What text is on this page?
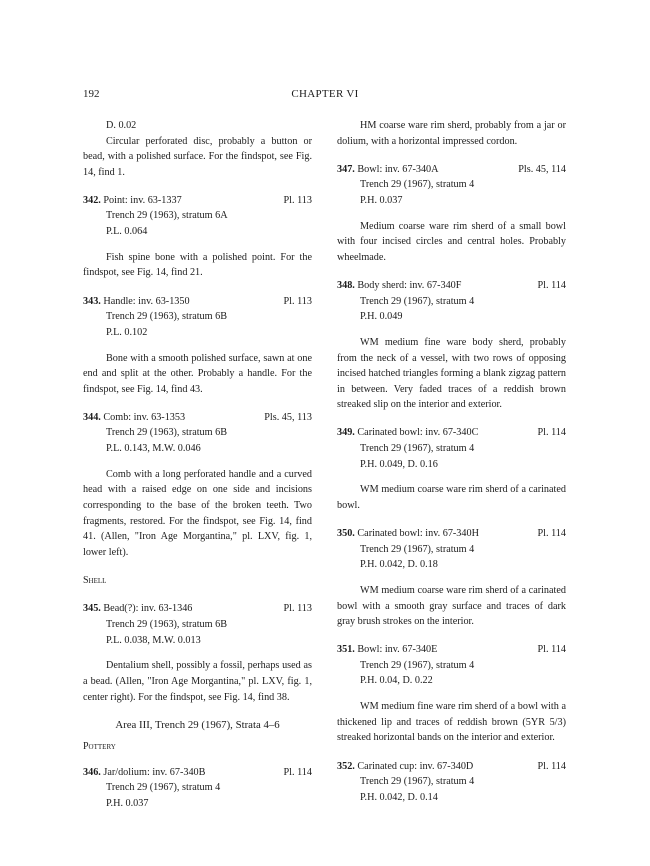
192	CHAPTER VI
D. 0.02

Circular perforated disc, probably a button or bead, with a polished surface. For the findspot, see Fig. 14, find 1.

342. Point: inv. 63-1337	Pl. 113
Trench 29 (1963), stratum 6A
P.L. 0.064

Fish spine bone with a polished point. For the findspot, see Fig. 14, find 21.

343. Handle: inv. 63-1350	Pl. 113
Trench 29 (1963), stratum 6B
P.L. 0.102

Bone with a smooth polished surface, sawn at one end and split at the other. Probably a handle. For the findspot, see Fig. 14, find 43.

344. Comb: inv. 63-1353	Pls. 45, 113
Trench 29 (1963), stratum 6B
P.L. 0.143, M.W. 0.046

Comb with a long perforated handle and a curved head with a raised edge on one side and incisions corresponding to the base of the broken teeth. Two fragments, restored. For the findspot, see Fig. 14, find 41. (Allen, "Iron Age Morgantina," pl. LXV, fig. 1, lower left).

Shell
345. Bead(?): inv. 63-1346	Pl. 113
Trench 29 (1963), stratum 6B
P.L. 0.038, M.W. 0.013

Dentalium shell, possibly a fossil, perhaps used as a bead. (Allen, "Iron Age Morgantina," pl. LXV, fig. 1, center right). For the findspot, see Fig. 14, find 38.

Area III, Trench 29 (1967), Strata 4–6
Pottery
346. Jar/dolium: inv. 67-340B	Pl. 114
Trench 29 (1967), stratum 4
P.H. 0.037

HM coarse ware rim sherd, probably from a jar or dolium, with a horizontal impressed cordon.

347. Bowl: inv. 67-340A	Pls. 45, 114
Trench 29 (1967), stratum 4
P.H. 0.037

Medium coarse ware rim sherd of a small bowl with four incised circles and central holes. Probably wheelmade.

348. Body sherd: inv. 67-340F	Pl. 114
Trench 29 (1967), stratum 4
P.H. 0.049

WM medium fine ware body sherd, probably from the neck of a vessel, with two rows of opposing incised hatched triangles forming a blank zigzag pattern in between. Very faded traces of a reddish brown streaked slip on the interior and exterior.

349. Carinated bowl: inv. 67-340C	Pl. 114
Trench 29 (1967), stratum 4
P.H. 0.049, D. 0.16

WM medium coarse ware rim sherd of a carinated bowl.

350. Carinated bowl: inv. 67-340H	Pl. 114
Trench 29 (1967), stratum 4
P.H. 0.042, D. 0.18

WM medium coarse ware rim sherd of a carinated bowl with a smooth gray surface and traces of dark gray brush strokes on the interior.

351. Bowl: inv. 67-340E	Pl. 114
Trench 29 (1967), stratum 4
P.H. 0.04, D. 0.22

WM medium fine ware rim sherd of a bowl with a thickened lip and traces of reddish brown (5YR 5/3) streaked horizontal bands on the interior and exterior.

352. Carinated cup: inv. 67-340D	Pl. 114
Trench 29 (1967), stratum 4
P.H. 0.042, D. 0.14
